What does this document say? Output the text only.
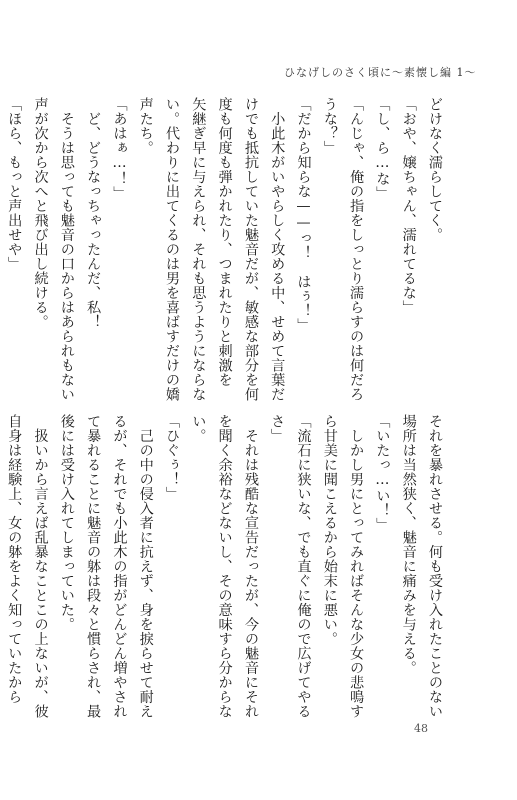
ひなげしのさく頃に〜素懐し編 1〜
どけなく濡らしてく。
「おや、嬢ちゃん、濡れてるな」
「し、ら…な」
「んじゃ、俺の指をしっとり濡らすのは何だろ
うな？」
「だから知らな——っ！　はぅ！」
　小此木がいやらしく攻める中、せめて言葉だ
けでも抵抗していた魅音だが、敏感な部分を何
度も何度も弾かれたり、つまれたりと刺激を
矢継ぎ早に与えられ、それも思うようにならな
い。代わりに出てくるのは男を喜ばすだけの嬌
声たち。
「あはぁ…！」
　ど、どうなっちゃったんだ、私！
　そうは思っても魅音の口からはあられもない
声が次から次へと飛び出し続ける。
「ほら、もっと声出せや」
それを暴れさせる。何も受け入れたことのない
場所は当然狭く、魅音に痛みを与える。
「いたっ…い！」
　しかし男にとってみればそんな少女の悲鳴す
ら甘美に聞こえるから始末に悪い。
「流石に狭いな、でも直ぐに俺ので広げてやる
さ」
　それは残酷な宣告だったが、今の魅音にそれ
を聞く余裕などないし、その意味すら分からな
い。
「ひぐぅ！」
　己の中の侵入者に抗えず、身を捩らせて耐え
るが、それでも小此木の指がどんどん増やされ
て暴れることに魅音の躰は段々と慣らされ、最
後には受け入れてしまっていた。
　扱いから言えば乱暴なことこの上ないが、彼
自身は経験上、女の躰をよく知っていたから
48
